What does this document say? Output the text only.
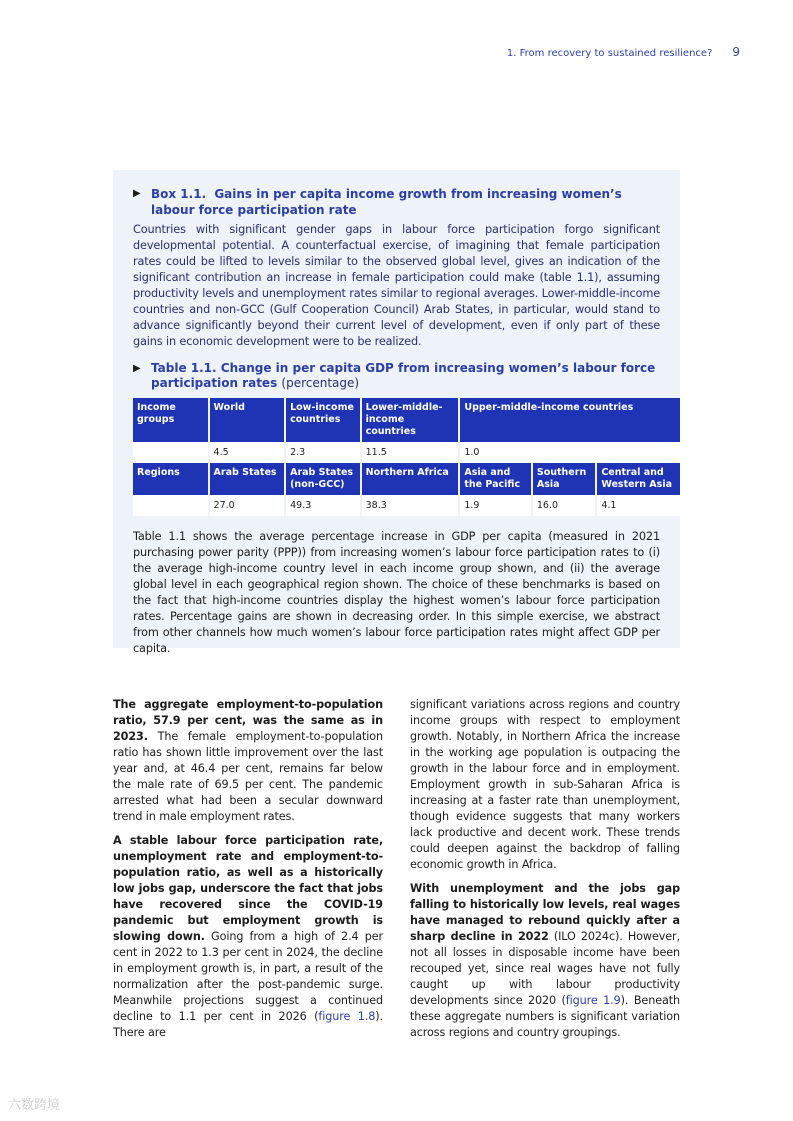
1. From recovery to sustained resilience? 9
▶ Box 1.1. Gains in per capita income growth from increasing women’s labour force participation rate

Countries with significant gender gaps in labour force participation forgo significant developmental potential. A counterfactual exercise, of imagining that female participation rates could be lifted to levels similar to the observed global level, gives an indication of the significant contribution an increase in female participation could make (table 1.1), assuming productivity levels and unemployment rates similar to regional averages. Lower-middle-income countries and non-GCC (Gulf Cooperation Council) Arab States, in particular, would stand to advance significantly beyond their current level of development, even if only part of these gains in economic development were to be realized.

▶ Table 1.1. Change in per capita GDP from increasing women’s labour force participation rates (percentage)
Income groups	World	Low-income countries	Lower-middle-income countries	Upper-middle-income countries		
	4.5	2.3	11.5	1.0		
Regions	Arab States	Arab States (non-GCC)	Northern Africa	Asia and the Pacific	Southern Asia	Central and Western Asia
	27.0	49.3	38.3	1.9	16.0	4.1

Table 1.1 shows the average percentage increase in GDP per capita (measured in 2021 purchasing power parity (PPP)) from increasing women’s labour force participation rates to (i) the average high-income country level in each income group shown, and (ii) the average global level in each geographical region shown. The choice of these benchmarks is based on the fact that high-income countries display the highest women’s labour force participation rates. Percentage gains are shown in decreasing order. In this simple exercise, we abstract from other channels how much women’s labour force participation rates might affect GDP per capita.

The aggregate employment-to-population ratio, 57.9 per cent, was the same as in 2023. The female employment-to-population ratio has shown little improvement over the last year and, at 46.4 per cent, remains far below the male rate of 69.5 per cent. The pandemic arrested what had been a secular downward trend in male employment rates.

A stable labour force participation rate, unemployment rate and employment-to-population ratio, as well as a historically low jobs gap, underscore the fact that jobs have recovered since the COVID-19 pandemic but employment growth is slowing down. Going from a high of 2.4 per cent in 2022 to 1.3 per cent in 2024, the decline in employment growth is, in part, a result of the normalization after the post-pandemic surge. Meanwhile projections suggest a continued decline to 1.1 per cent in 2026 (figure 1.8). There are

significant variations across regions and country income groups with respect to employment growth. Notably, in Northern Africa the increase in the working age population is outpacing the growth in the labour force and in employment. Employment growth in sub-Saharan Africa is increasing at a faster rate than unemployment, though evidence suggests that many workers lack productive and decent work. These trends could deepen against the backdrop of falling economic growth in Africa.

With unemployment and the jobs gap falling to historically low levels, real wages have managed to rebound quickly after a sharp decline in 2022 (ILO 2024c). However, not all losses in disposable income have been recouped yet, since real wages have not fully caught up with labour productivity developments since 2020 (figure 1.9). Beneath these aggregate numbers is significant variation across regions and country groupings.

六数跨境
